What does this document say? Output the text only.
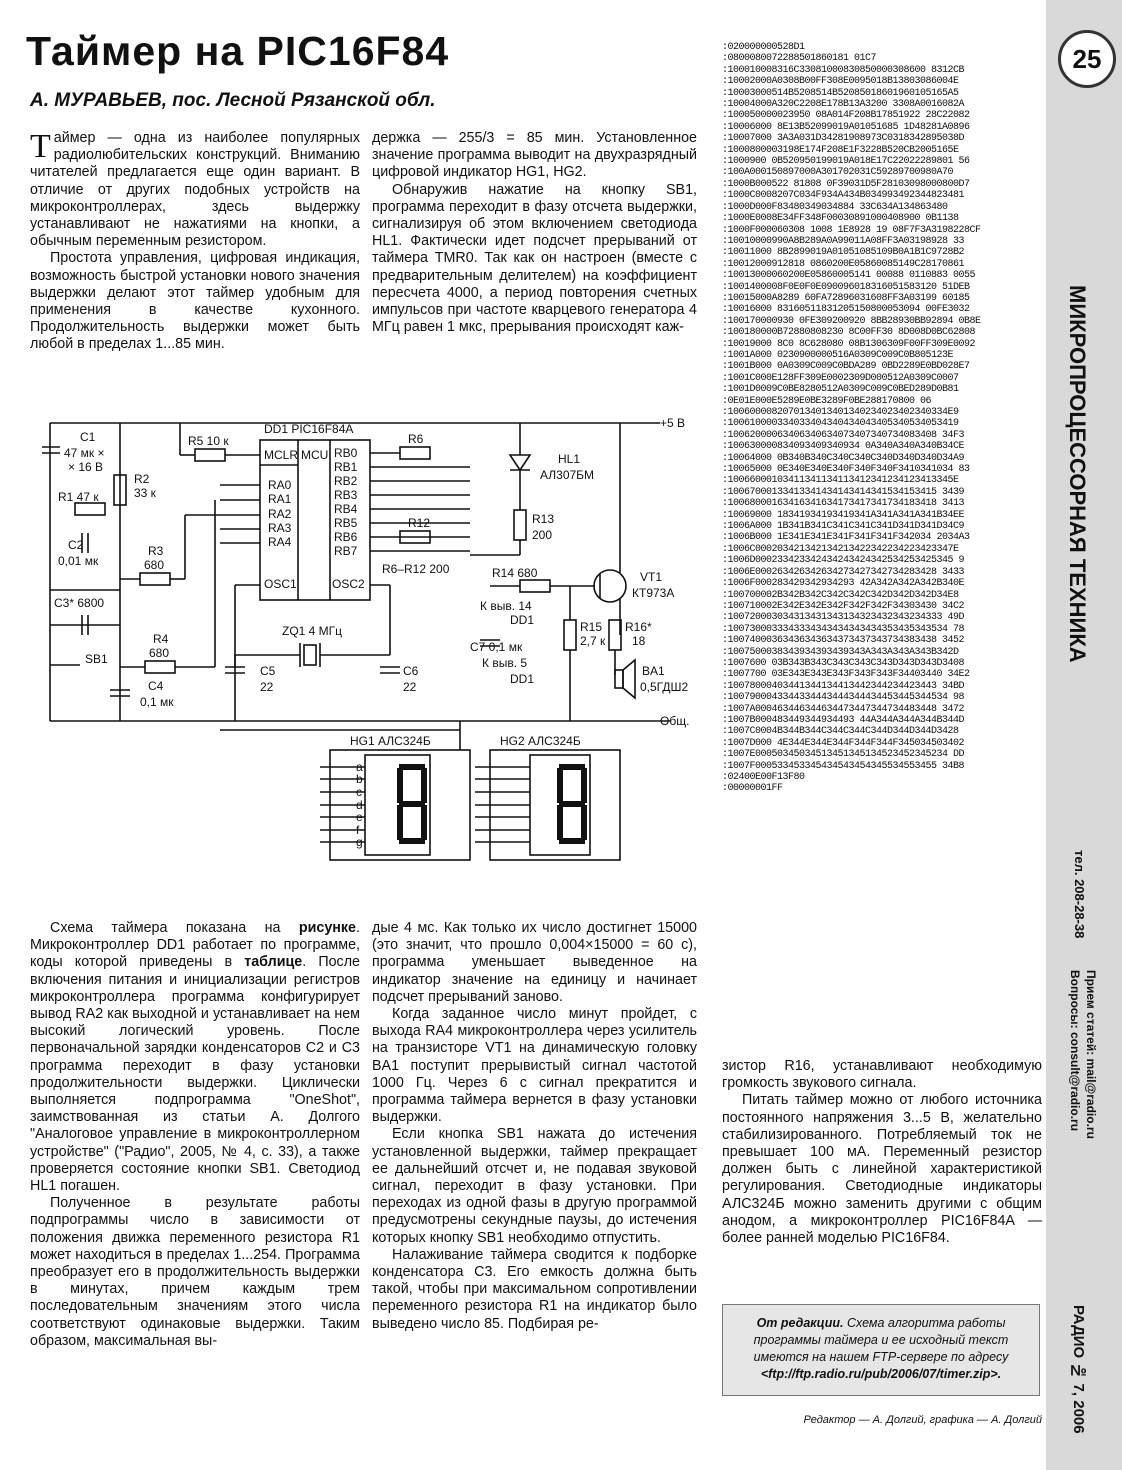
Таймер на PIC16F84
А. МУРАВЬЕВ, пос. Лесной Рязанской обл.

Таймер — одна из наиболее популярных радиолюбительских конструкций. Вниманию читателей предлагается еще один вариант. В отличие от других подобных устройств на микроконтроллерах, здесь выдержку устанавливают не нажатиями на кнопки, а обычным переменным резистором.

Простота управления, цифровая индикация, возможность быстрой установки нового значения выдержки делают этот таймер удобным для применения в качестве кухонного. Продолжительность выдержки может быть любой в пределах 1...85 мин.

держка — 255/3 = 85 мин. Установленное значение программа выводит на двухразрядный цифровой индикатор HG1, HG2.

Обнаружив нажатие на кнопку SB1, программа переходит в фазу отсчета выдержки, сигнализируя об этом включением светодиода HL1. Фактически идет подсчет прерываний от таймера TMR0. Так как он настроен (вместе с предварительным делителем) на коэффициент пересчета 4000, а период повторения счетных импульсов при частоте кварцевого генератора 4 МГц равен 1 мкс, прерывания происходят каж-

:020000000528D1
:0800080072288501860181 01C7
:100010008316C33081000830850000308600 8312CB
:10002000A0308B00FF308E0095018B13803086004E
:10003000514B5208514B52085018601960105165A5
:10004000A320C2208E178B13A3200 3308A0016082A
:100050000023950 08A014F208B17851922 28C22082
:10006000 8E13B52099019A01051685 1D48281A0896
:10007000 3A3A031D34281908973C0318342895038D
:1000800003198E174F208E1F3228B520CB2005165E
:1000900 0B520950199019A018E17C22022289801 56
:100A000150897000A301702031C59289700980A70
:1000B000522 81808 0F39031D5F28103098000800D7
:1000C0008207C034F934A434B034993492344823481
:1000D000F83480349034884 33C634A134863480
:1000E0008E34FF348F00030891000408900 0B1138
:1000F000060308 1008 1E8928 19 08F7F3A3198228CF
:10010000990A8B289A0A99011A08FF3A03198928 33
:10011000 8B2899019A01051085109B0A1B1C9728B2
:10012000912818 0860200E05860085149C28170861
:10013000060200E05860005141 00088 0110883 0055
:1001400008F0E0F0E090096018316051583120 51DEB
:10015000A8289 60FA72896031608FF3A03199 60185
:10016000 83160511831205150800053094 00FE3032
:100170000930 0FE309200920 8BB28930BB92894 0B8E
:100180000B72880808230 8C00FF30 8D008D0BC62808
:10019000 8C0 8C628080 08B1306309F00FF309E0092
:1001A000 0230900000516A0309C009C0B805123E
:1001B000 0A0309C009C0BDA289 0BD2289E0BD028E7
:1001C000E128FF309E0002309D000512A0309C0007
:1001D0009C0BE8280512A0309C009C0BED289D0B81
:0E01E000E5289E0BE3289F0BE288170800 06
:1006000082070134013401340234023402340334E9
:100610000334033404340434043405340534053419
:10062000063406340634073407340734083408 34F3
:100630000834093409340934 0A340A340A340B34CE
:10064000 0B340B340C340C340C340D340D340D34A9
:10065000 0E340E340E340F340F340F3410341034 83
:10066000103411341134113412341234123413345E
:10067000133413341434143414341534153415 3439
:10068000163416341634173417341734183418 3413
:10069000 18341934193419341A341A341A341B34EE
:1006A000 1B341B341C341C341C341D341D341D34C9
:1006B000 1E341E341E341F341F341F342034 2034A3
:1006C000203421342134213422342234223423347E
:1006D000233423342434243424342534253425345 9
:1006E000263426342634273427342734283428 3433
:1006F000283429342934293 42A342A342A342B340E
:100700002B342B342C342C342C342D342D342D34E8
:100710002E342E342E342F342F342F34303430 34C2
:100720003034313431343134323432343234333 49D
:1007300033343334343434343434353435343534 78
:10074000363436343634373437343734383438 3452
:1007500038343934393439343A343A343A343B342D
:1007600 03B343B343C343C343C343D343D343D3408
:1007700 03E343E343E343F343F343F34403440 34E2
:10078000403441344134413442344234423443 34BD
:1007900043344334443444344434453445344534 98
:1007A000463446344634473447344734483448 3472
:1007B000483449344934493 44A344A344A344B344D
:1007C0004B344B344C344C344C344D344D344D3428
:1007D000 4E344E344E344F344F344F345034503402
:1007E00050345034513451345134523452345234 DD
:1007F000533453345434543454345534553455 34B8
:02400E00F13F80
:00000001FF
DD1 PIC16F84A
MCLR MCU
RA0
RA1
RA2
RA3
RA4
RB0
RB1
RB2
RB3
RB4
RB5
RB6
RB7
OSC1	OSC2
C1
47 мк ×
× 16 В
R2
33 к
R1 47 к
C2
0,01 мк
C3* 6800
SB1
R3
680
R4
680
C4
0,1 мк
R5 10 к	R6
R12
R6–R12 200
ZQ1 4 МГц
C5
22
C6
22
HL1
АЛ307БМ
R13
200
R14 680
К выв. 14
DD1
C7 0,1 мк
К выв. 5
DD1
R15
2,7 к
R16*
18
VT1
КТ973А
BA1
0,5ГДШ2
+5 В
Общ.
HG1 АЛС324Б	HG2 АЛС324Б
a
b
c
d
e
f
g

Схема таймера показана на рисунке. Микроконтроллер DD1 работает по программе, коды которой приведены в таблице. После включения питания и инициализации регистров микроконтроллера программа конфигурирует вывод RA2 как выходной и устанавливает на нем высокий логический уровень. После первоначальной зарядки конденсаторов C2 и C3 программа переходит в фазу установки продолжительности выдержки. Циклически выполняется подпрограмма "OneShot", заимствованная из статьи А. Долгого "Аналоговое управление в микроконтроллерном устройстве" ("Радио", 2005, № 4, с. 33), а также проверяется состояние кнопки SB1. Светодиод HL1 погашен.

Полученное в результате работы подпрограммы число в зависимости от положения движка переменного резистора R1 может находиться в пределах 1...254. Программа преобразует его в продолжительность выдержки в минутах, причем каждым трем последовательным значениям этого числа соответствуют одинаковые выдержки. Таким образом, максимальная вы-

дые 4 мс. Как только их число достигнет 15000 (это значит, что прошло 0,004×15000 = 60 с), программа уменьшает выведенное на индикатор значение на единицу и начинает подсчет прерываний заново.

Когда заданное число минут пройдет, с выхода RA4 микроконтроллера через усилитель на транзисторе VT1 на динамическую головку BA1 поступит прерывистый сигнал частотой 1000 Гц. Через 6 с сигнал прекратится и программа таймера вернется в фазу установки выдержки.

Если кнопка SB1 нажата до истечения установленной выдержки, таймер прекращает ее дальнейший отсчет и, не подавая звуковой сигнал, переходит в фазу установки. При переходах из одной фазы в другую программой предусмотрены секундные паузы, до истечения которых кнопку SB1 необходимо отпустить.

Налаживание таймера сводится к подборке конденсатора C3. Его емкость должна быть такой, чтобы при максимальном сопротивлении переменного резистора R1 на индикатор было выведено число 85. Подбирая ре-

зистор R16, устанавливают необходимую громкость звукового сигнала.

Питать таймер можно от любого источника постоянного напряжения 3...5 В, желательно стабилизированного. Потребляемый ток не превышает 100 мА. Переменный резистор должен быть с линейной характеристикой регулирования. Светодиодные индикаторы АЛС324Б можно заменить другими с общим анодом, а микроконтроллер PIC16F84A — более ранней моделью PIC16F84.

От редакции. Схема алгоритма работы программы таймера и ее исходный текст имеются на нашем FTP-сервере по адресу <ftp://ftp.radio.ru/pub/2006/07/timer.zip>.
Редактор — А. Долгий, графика — А. Долгий
25
МИКРОПРОЦЕССОРНАЯ ТЕХНИКА
тел. 208-28-38
Прием статей: mail@radio.ru
Вопросы: consult@radio.ru
РАДИО № 7, 2006
